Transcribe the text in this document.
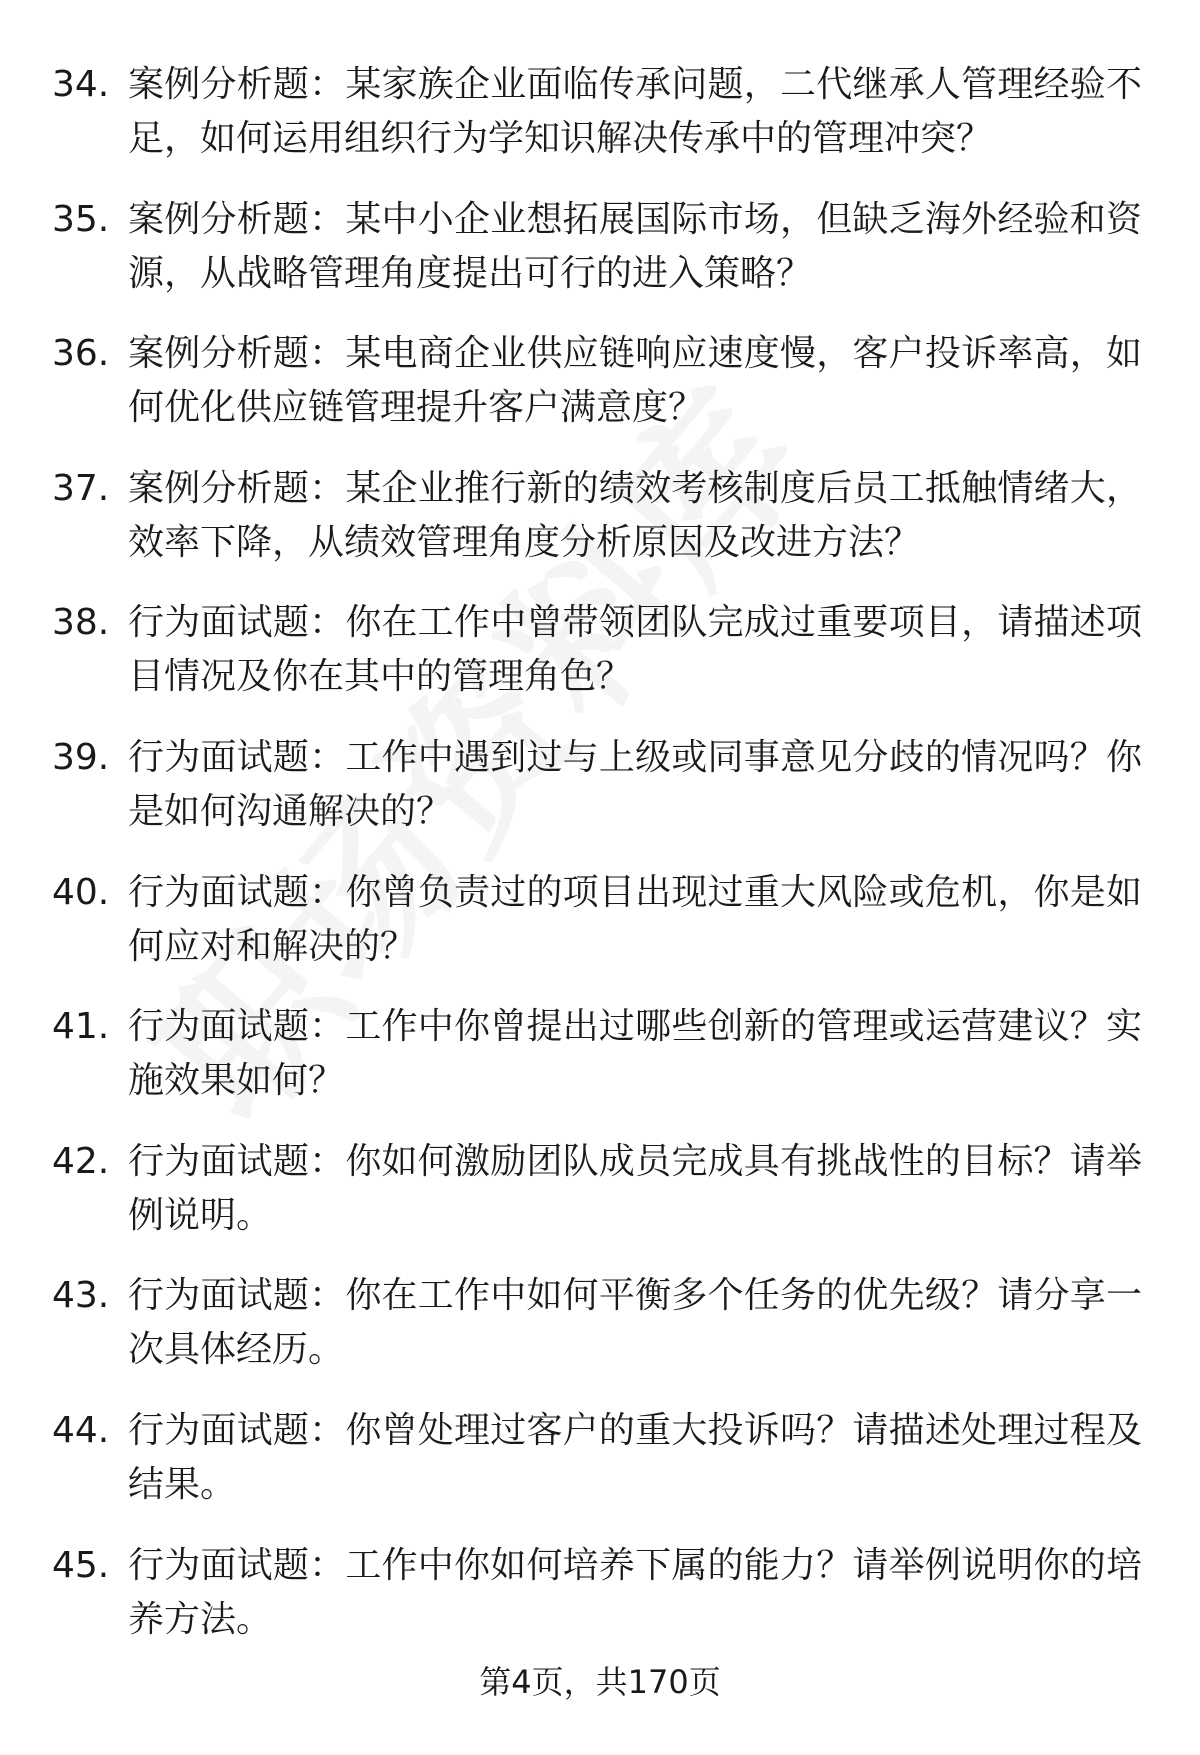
34. 案例分析题：某家族企业面临传承问题，二代继承人管理经验不足，如何运用组织行为学知识解决传承中的管理冲突？
35. 案例分析题：某中小企业想拓展国际市场，但缺乏海外经验和资源，从战略管理角度提出可行的进入策略？
36. 案例分析题：某电商企业供应链响应速度慢，客户投诉率高，如何优化供应链管理提升客户满意度？
37. 案例分析题：某企业推行新的绩效考核制度后员工抵触情绪大，效率下降，从绩效管理角度分析原因及改进方法？
38. 行为面试题：你在工作中曾带领团队完成过重要项目，请描述项目情况及你在其中的管理角色？
39. 行为面试题：工作中遇到过与上级或同事意见分歧的情况吗？你是如何沟通解决的？
40. 行为面试题：你曾负责过的项目出现过重大风险或危机，你是如何应对和解决的？
41. 行为面试题：工作中你曾提出过哪些创新的管理或运营建议？实施效果如何？
42. 行为面试题：你如何激励团队成员完成具有挑战性的目标？请举例说明。
43. 行为面试题：你在工作中如何平衡多个任务的优先级？请分享一次具体经历。
44. 行为面试题：你曾处理过客户的重大投诉吗？请描述处理过程及结果。
45. 行为面试题：工作中你如何培养下属的能力？请举例说明你的培养方法。
第4页，共170页
